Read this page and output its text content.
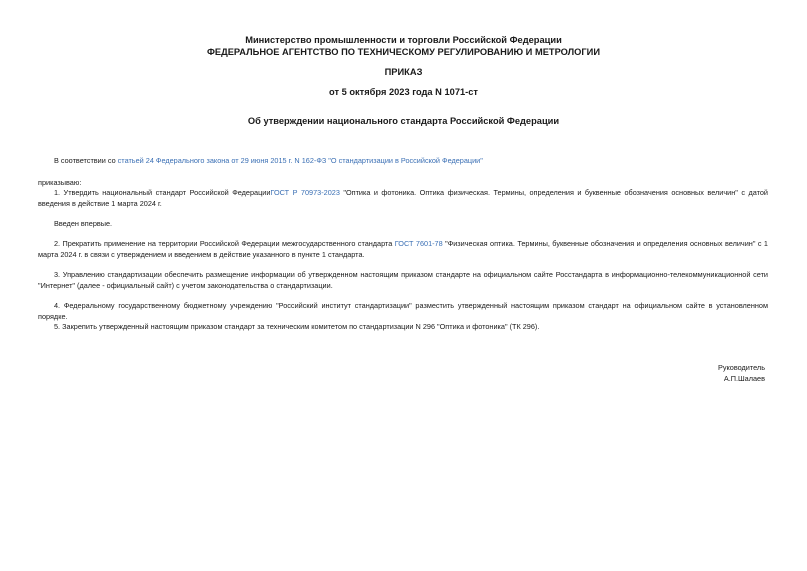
Министерство промышленности и торговли Российской Федерации
ФЕДЕРАЛЬНОЕ АГЕНТСТВО ПО ТЕХНИЧЕСКОМУ РЕГУЛИРОВАНИЮ И МЕТРОЛОГИИ
ПРИКАЗ
от 5 октября 2023 года N 1071-ст
Об утверждении национального стандарта Российской Федерации
В соответствии со статьей 24 Федерального закона от 29 июня 2015 г. N 162-ФЗ "О стандартизации в Российской Федерации"
приказываю:
1. Утвердить национальный стандарт Российской ФедерацииГОСТ Р 70973-2023 "Оптика и фотоника. Оптика физическая. Термины, определения и буквенные обозначения основных величин" с датой введения в действие 1 марта 2024 г.
Введен впервые.
2. Прекратить применение на территории Российской Федерации межгосударственного стандарта ГОСТ 7601-78 "Физическая оптика. Термины, буквенные обозначения и определения основных величин" с 1 марта 2024 г. в связи с утверждением и введением в действие указанного в пункте 1 стандарта.
3. Управлению стандартизации обеспечить размещение информации об утвержденном настоящим приказом стандарте на официальном сайте Росстандарта в информационно-телекоммуникационной сети "Интернет" (далее - официальный сайт) с учетом законодательства о стандартизации.
4. Федеральному государственному бюджетному учреждению "Российский институт стандартизации" разместить утвержденный настоящим приказом стандарт на официальном сайте в установленном порядке.
5. Закрепить утвержденный настоящим приказом стандарт за техническим комитетом по стандартизации N 296 "Оптика и фотоника" (ТК 296).
Руководитель
А.П.Шалаев
